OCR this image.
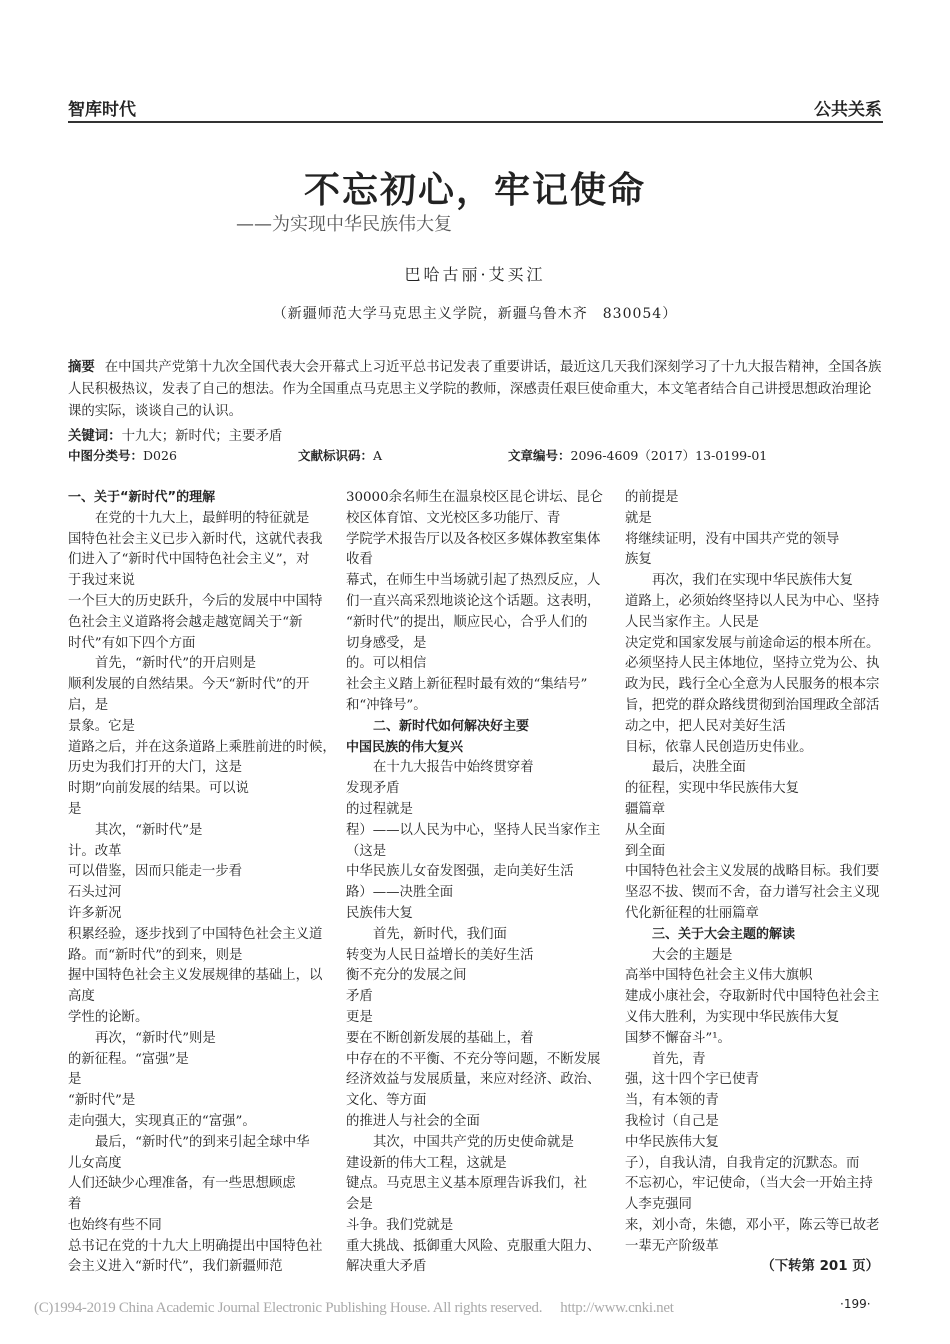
智库时代	公共关系
不忘初心，牢记使命
——为实现中华民族伟大复
巴哈古丽·艾买江
（新疆师范大学马克思主义学院，新疆乌鲁木齐　830054）
摘要 在中国共产党第十九次全国代表大会开幕式上习近平总书记发表了重要讲话，最近这几天我们深刻学习了十九大报告精神，全国各族人民积极热议，发表了自己的想法。作为全国重点马克思主义学院的教师，深感责任艰巨使命重大，本文笔者结合自己讲授思想政治理论课的实际，谈谈自己的认识。
关键词：十九大；新时代；主要矛盾
中图分类号：D026	文献标识码：A	文章编号：2096-4609（2017）13-0199-01
一、关于“新时代”的理解
在党的十九大上，最鲜明的特征就是
国特色社会主义已步入新时代，这就代表我
们进入了“新时代中国特色社会主义”，对
于我过来说
一个巨大的历史跃升，今后的发展中中国特
色社会主义道路将会越走越宽阔关于“新
时代”有如下四个方面
首先，“新时代”的开启则是
顺利发展的自然结果。今天“新时代”的开
启，是
景象。它是
道路之后，并在这条道路上乘胜前进的时候，
历史为我们打开的大门，这是
时期”向前发展的结果。可以说
是
其次，“新时代”是
计。改革
可以借鉴，因而只能走一步看
石头过河
许多新况
积累经验，逐步找到了中国特色社会主义道
路。而“新时代”的到来，则是
握中国特色社会主义发展规律的基础上，以
高度
学性的论断。
再次，“新时代”则是
的新征程。“富强”是
是
“新时代”是
走向强大，实现真正的“富强”。
最后，“新时代”的到来引起全球中华
儿女高度
人们还缺少心理准备，有一些思想顾虑
着
也始终有些不同
总书记在党的十九大上明确提出中国特色社
会主义进入“新时代”，我们新疆师范
30000余名师生在温泉校区昆仑讲坛、昆仑
校区体育馆、文光校区多功能厅、青
学院学术报告厅以及各校区多媒体教室集体
收看
幕式，在师生中当场就引起了热烈反应，人
们一直兴高采烈地谈论这个话题。这表明，
“新时代”的提出，顺应民心，合乎人们的
切身感受，是
的。可以相信
社会主义踏上新征程时最有效的“集结号”
和“冲锋号”。
二、新时代如何解决好主要
中国民族的伟大复兴
在十九大报告中始终贯穿着
发现矛盾
的过程就是
程）——以人民为中心，坚持人民当家作主
（这是
中华民族儿女奋发图强，走向美好生活
路）——决胜全面
民族伟大复
首先，新时代，我们面
转变为人民日益增长的美好生活
衡不充分的发展之间
矛盾
更是
要在不断创新发展的基础上，着
中存在的不平衡、不充分等问题，不断发展
经济效益与发展质量，来应对经济、政治、
文化、等方面
的推进人与社会的全面
其次，中国共产党的历史使命就是
建设新的伟大工程，这就是
键点。马克思主义基本原理告诉我们，社
会是
斗争。我们党就是
重大挑战、抵御重大风险、克服重大阻力、
解决重大矛盾
的前提是
就是
将继续证明，没有中国共产党的领导
族复
再次，我们在实现中华民族伟大复
道路上，必须始终坚持以人民为中心、坚持
人民当家作主。人民是
决定党和国家发展与前途命运的根本所在。
必须坚持人民主体地位，坚持立党为公、执
政为民，践行全心全意为人民服务的根本宗
旨，把党的群众路线贯彻到治国理政全部活
动之中，把人民对美好生活
目标，依靠人民创造历史伟业。
最后，决胜全面
的征程，实现中华民族伟大复
疆篇章
从全面
到全面
中国特色社会主义发展的战略目标。我们要
坚忍不拔、锲而不舍，奋力谱写社会主义现
代化新征程的壮丽篇章
三、关于大会主题的解读
大会的主题是
高举中国特色社会主义伟大旗帜
建成小康社会，夺取新时代中国特色社会主
义伟大胜利，为实现中华民族伟大复
国梦不懈奋斗”¹。
首先，青
强，这十四个字已使青
当，有本领的青
我检讨（自己是
中华民族伟大复
子），自我认清，自我肯定的沉默态。而
不忘初心，牢记使命，（当大会一开始主持
人李克强同
来，刘小奇，朱德，邓小平，陈云等已故老
一辈无产阶级革
（下转第 201 页）
(C)1994-2019 China Academic Journal Electronic Publishing House. All rights reserved.　 http://www.cnki.net	·199·
